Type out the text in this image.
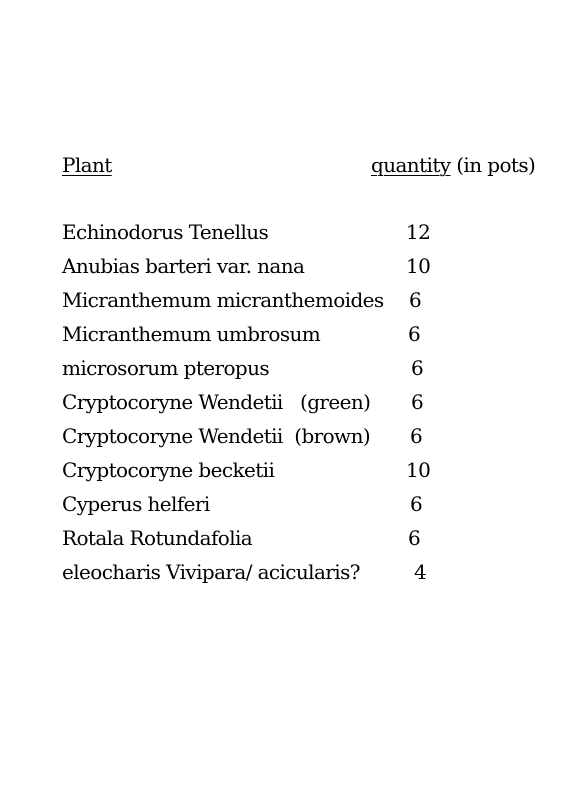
Plant	quantity (in pots)
Echinodorus Tenellus	12
Anubias barteri var. nana	10
Micranthemum micranthemoides 6
Micranthemum umbrosum	6
microsorum pteropus	6
Cryptocoryne Wendetii   (green) 6
Cryptocoryne Wendetii  (brown) 6
Cryptocoryne becketii	10
Cyperus helferi	6
Rotala Rotundafolia	6
eleocharis Vivipara/ acicularis?	4
